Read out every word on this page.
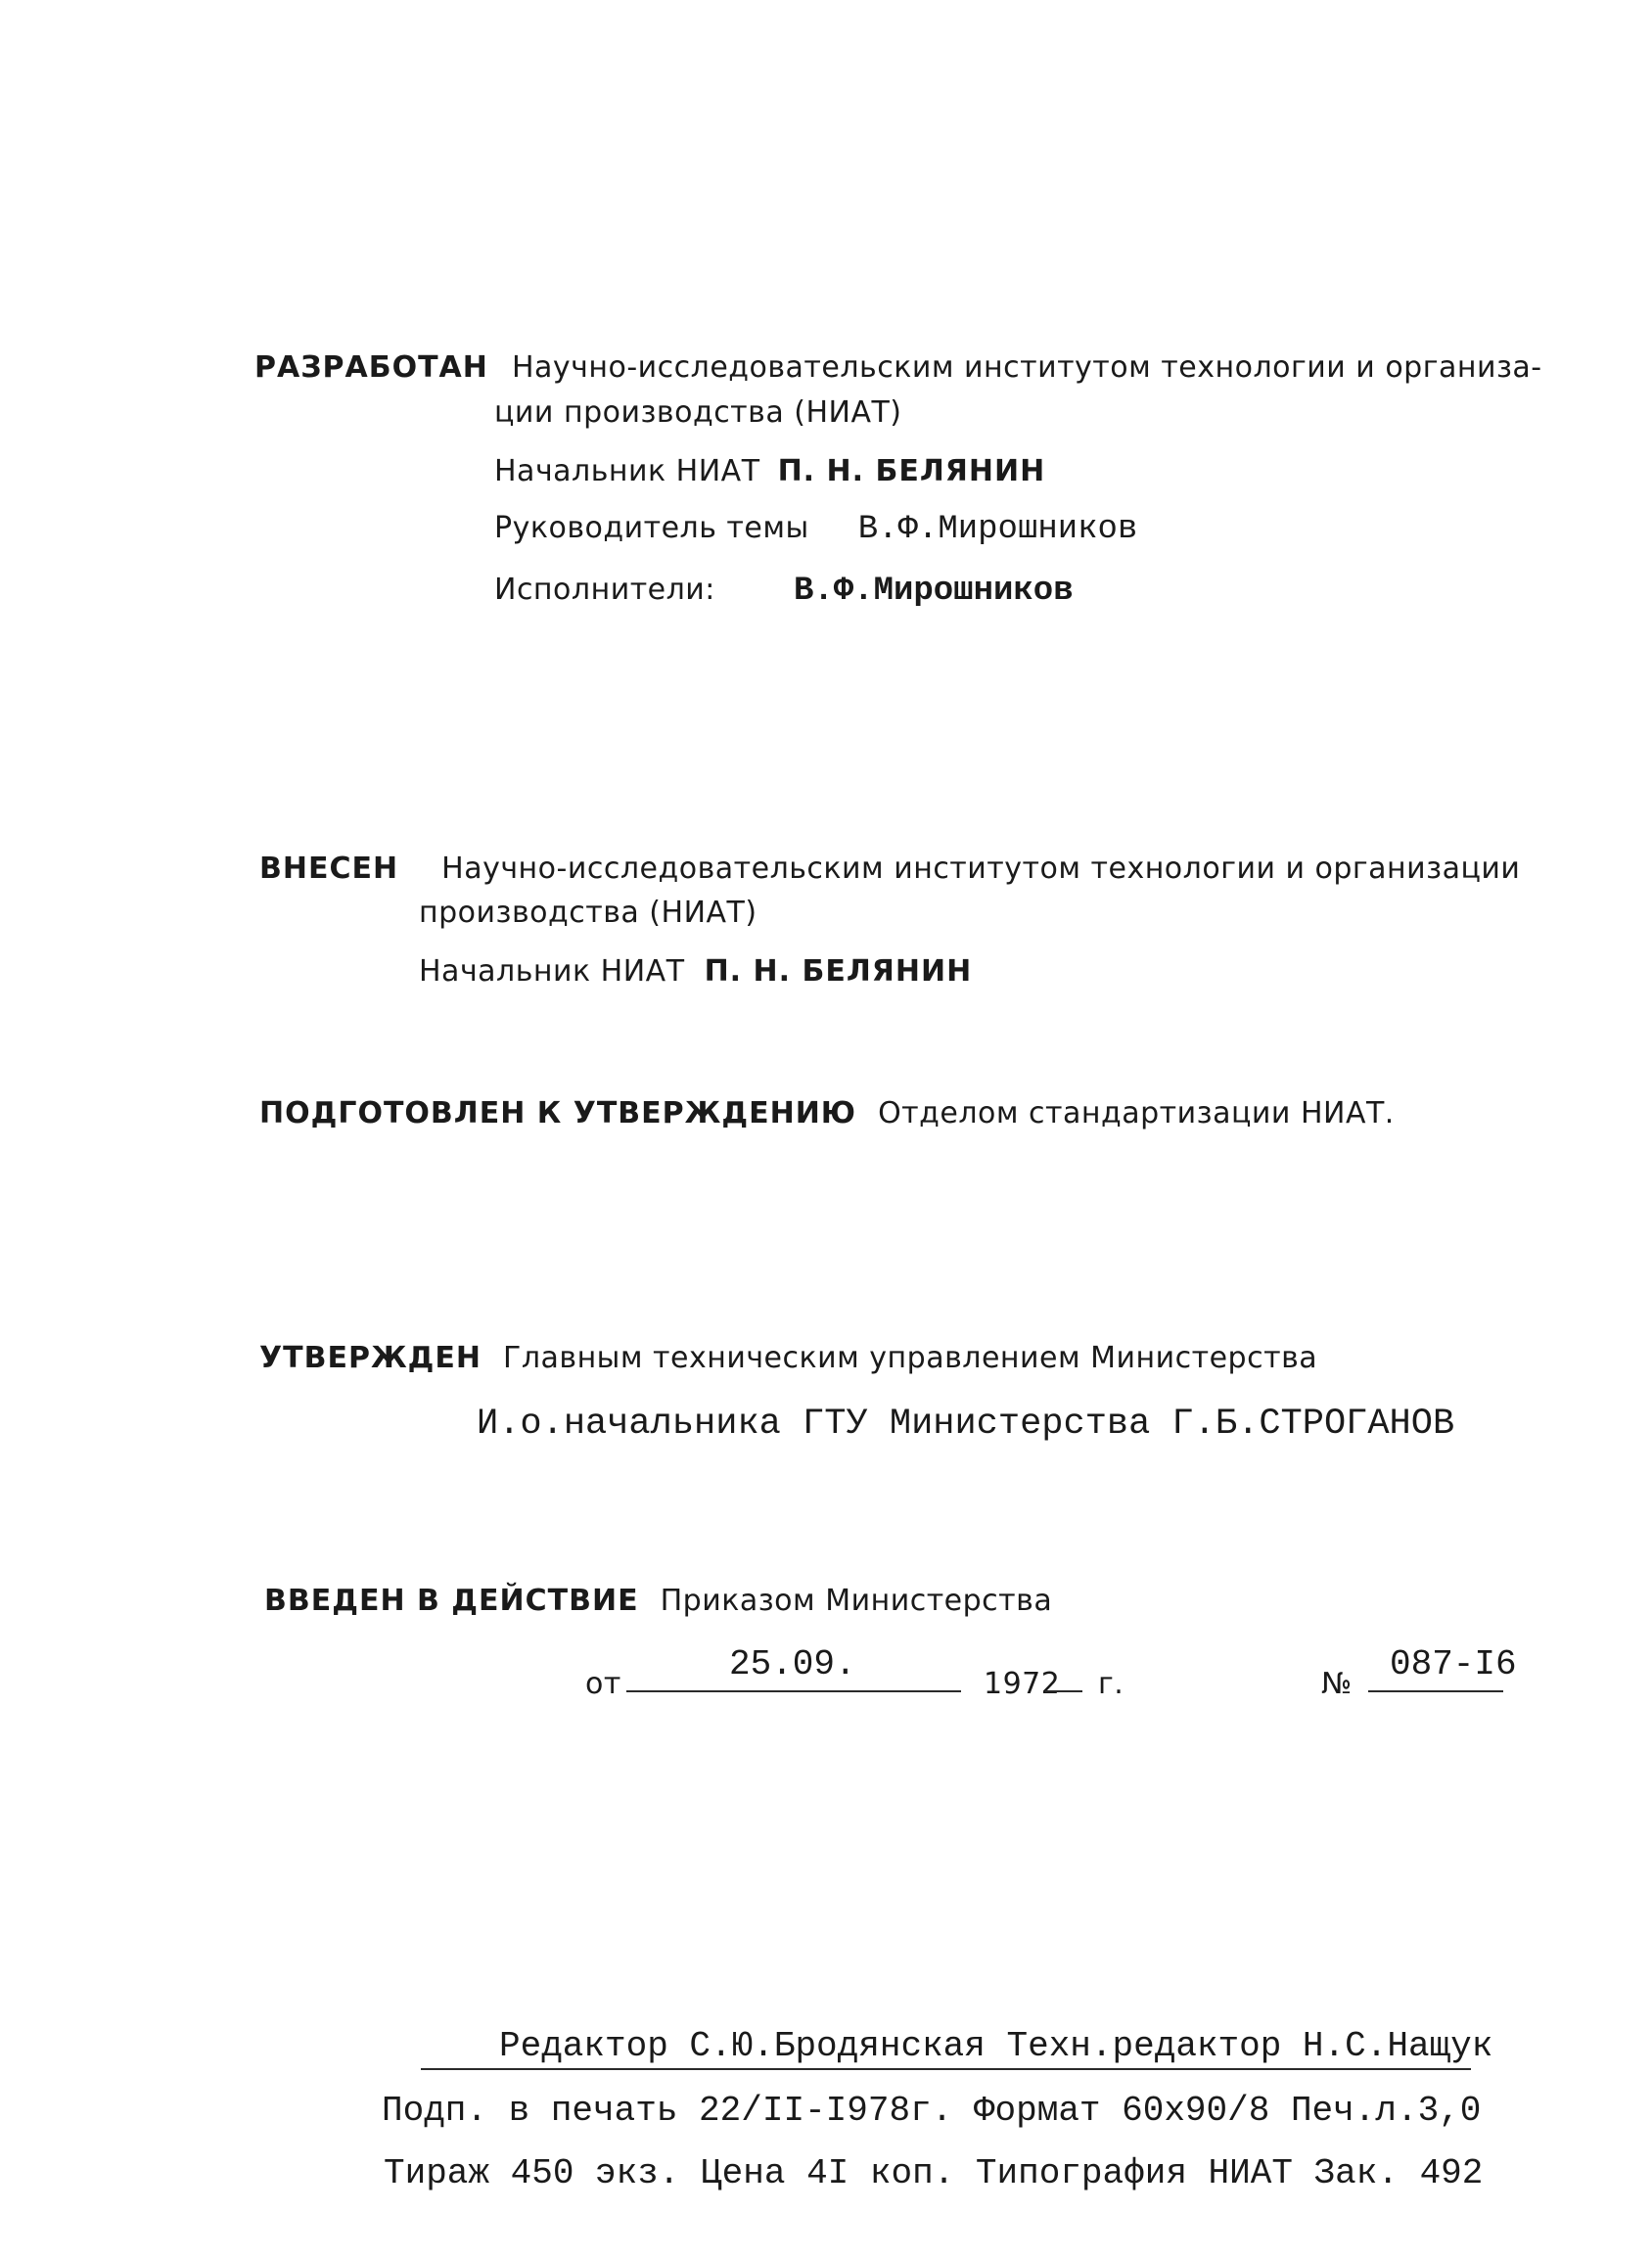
РАЗРАБОТАН Научно-исследовательским институтом технологии и организа-
ции производства (НИАТ)
Начальник НИАТ П. Н. БЕЛЯНИН
Руководитель темы В.Ф.Мирошников
Исполнители: В.Ф.Мирошников
ВНЕСЕН Научно-исследовательским институтом технологии и организации
производства (НИАТ)
Начальник НИАТ П. Н. БЕЛЯНИН
ПОДГОТОВЛЕН К УТВЕРЖДЕНИЮ Отделом стандартизации НИАТ.
УТВЕРЖДЕН Главным техническим управлением Министерства
И.о.начальника ГТУ Министерства Г.Б.СТРОГАНОВ
ВВЕДЕН В ДЕЙСТВИЕ Приказом Министерства
от	25.09.	1972 г.	№ 087-I6
Редактор С.Ю.Бродянская Техн.редактор Н.С.Нащук
Подп. в печать 22/II-I978г. Формат 60х90/8 Печ.л.3,0
Тираж 450 экз. Цена 4I коп. Типография НИАТ Зак. 492
